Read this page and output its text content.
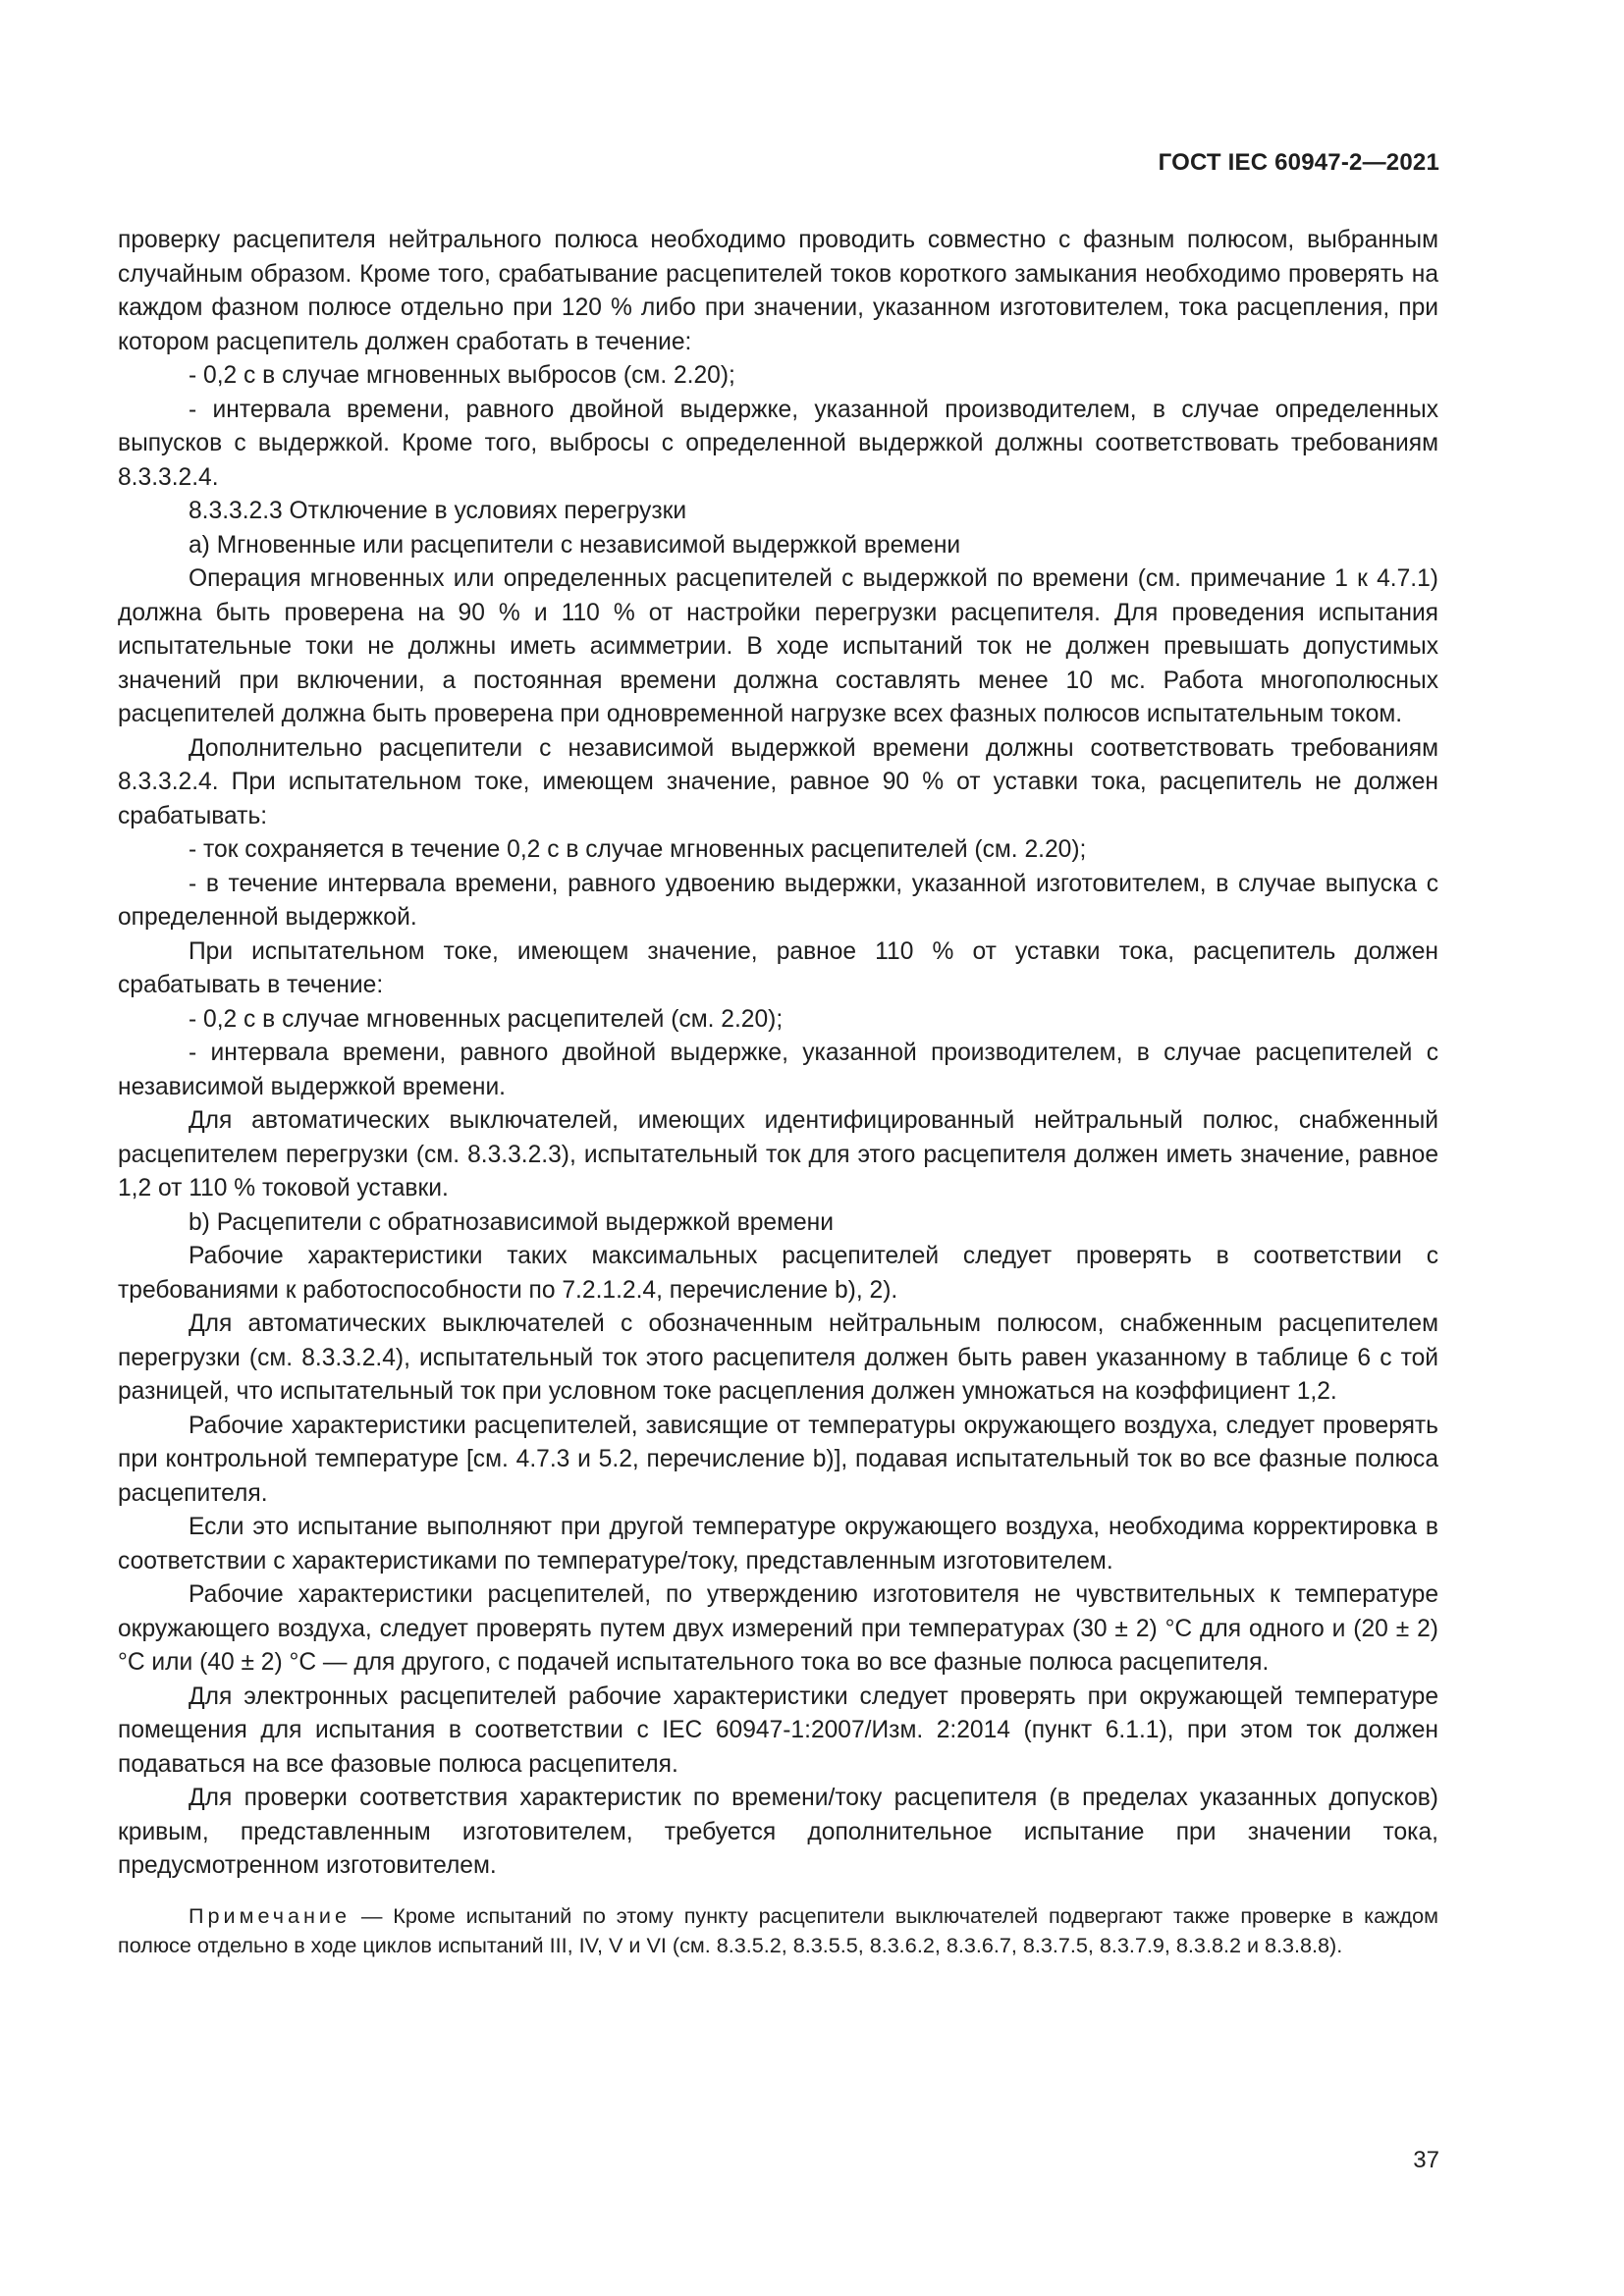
ГОСТ IEC 60947-2—2021

проверку расцепителя нейтрального полюса необходимо проводить совместно с фазным полюсом, выбранным случайным образом. Кроме того, срабатывание расцепителей токов короткого замыкания необходимо проверять на каждом фазном полюсе отдельно при 120 % либо при значении, указанном изготовителем, тока расцепления, при котором расцепитель должен сработать в течение:

- 0,2 с в случае мгновенных выбросов (см. 2.20);

- интервала времени, равного двойной выдержке, указанной производителем, в случае определенных выпусков с выдержкой. Кроме того, выбросы с определенной выдержкой должны соответствовать требованиям 8.3.3.2.4.

8.3.3.2.3 Отключение в условиях перегрузки

a) Мгновенные или расцепители с независимой выдержкой времени

Операция мгновенных или определенных расцепителей с выдержкой по времени (см. примечание 1 к 4.7.1) должна быть проверена на 90 % и 110 % от настройки перегрузки расцепителя. Для проведения испытания испытательные токи не должны иметь асимметрии. В ходе испытаний ток не должен превышать допустимых значений при включении, а постоянная времени должна составлять менее 10 мс. Работа многополюсных расцепителей должна быть проверена при одновременной нагрузке всех фазных полюсов испытательным током.

Дополнительно расцепители с независимой выдержкой времени должны соответствовать требованиям 8.3.3.2.4. При испытательном токе, имеющем значение, равное 90 % от уставки тока, расцепитель не должен срабатывать:

- ток сохраняется в течение 0,2 с в случае мгновенных расцепителей (см. 2.20);

- в течение интервала времени, равного удвоению выдержки, указанной изготовителем, в случае выпуска с определенной выдержкой.

При испытательном токе, имеющем значение, равное 110 % от уставки тока, расцепитель должен срабатывать в течение:

- 0,2 с в случае мгновенных расцепителей (см. 2.20);

- интервала времени, равного двойной выдержке, указанной производителем, в случае расцепителей с независимой выдержкой времени.

Для автоматических выключателей, имеющих идентифицированный нейтральный полюс, снабженный расцепителем перегрузки (см. 8.3.3.2.3), испытательный ток для этого расцепителя должен иметь значение, равное 1,2 от 110 % токовой уставки.

b) Расцепители с обратнозависимой выдержкой времени

Рабочие характеристики таких максимальных расцепителей следует проверять в соответствии с требованиями к работоспособности по 7.2.1.2.4, перечисление b), 2).

Для автоматических выключателей с обозначенным нейтральным полюсом, снабженным расцепителем перегрузки (см. 8.3.3.2.4), испытательный ток этого расцепителя должен быть равен указанному в таблице 6 с той разницей, что испытательный ток при условном токе расцепления должен умножаться на коэффициент 1,2.

Рабочие характеристики расцепителей, зависящие от температуры окружающего воздуха, следует проверять при контрольной температуре [см. 4.7.3 и 5.2, перечисление b)], подавая испытательный ток во все фазные полюса расцепителя.

Если это испытание выполняют при другой температуре окружающего воздуха, необходима корректировка в соответствии с характеристиками по температуре/току, представленным изготовителем.

Рабочие характеристики расцепителей, по утверждению изготовителя не чувствительных к температуре окружающего воздуха, следует проверять путем двух измерений при температурах (30 ± 2) °С для одного и (20 ± 2) °С или (40 ± 2) °С — для другого, с подачей испытательного тока во все фазные полюса расцепителя.

Для электронных расцепителей рабочие характеристики следует проверять при окружающей температуре помещения для испытания в соответствии с IEC 60947-1:2007/Изм. 2:2014 (пункт 6.1.1), при этом ток должен подаваться на все фазовые полюса расцепителя.

Для проверки соответствия характеристик по времени/току расцепителя (в пределах указанных допусков) кривым, представленным изготовителем, требуется дополнительное испытание при значении тока, предусмотренном изготовителем.

Примечание — Кроме испытаний по этому пункту расцепители выключателей подвергают также проверке в каждом полюсе отдельно в ходе циклов испытаний III, IV, V и VI (см. 8.3.5.2, 8.3.5.5, 8.3.6.2, 8.3.6.7, 8.3.7.5, 8.3.7.9, 8.3.8.2 и 8.3.8.8).

37
